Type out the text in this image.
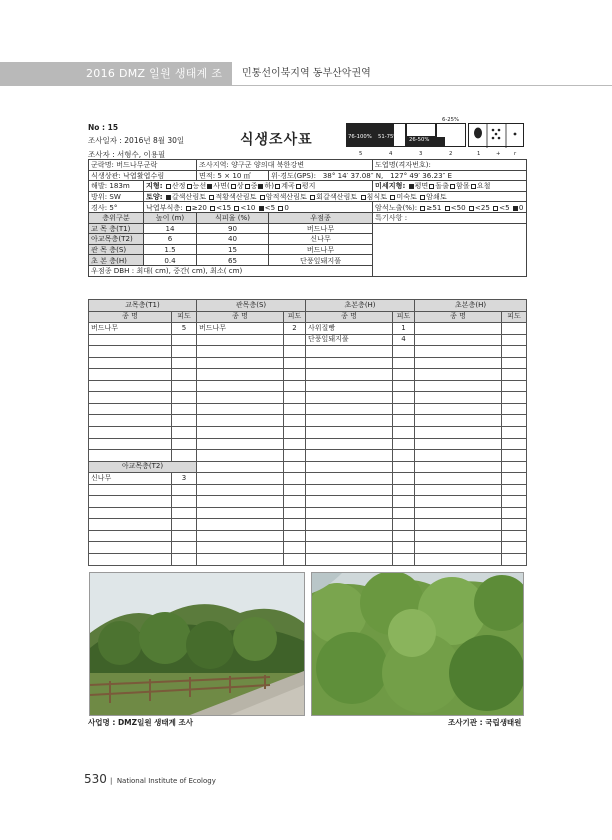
2016 DMZ 일원 생태계 조사
민통선이북지역 동부산악권역
No : 15
조사일자 : 2016년 8월 30일
조사자 : 서형수, 이용필
식생조사표	76-100% 51-75% 26-50%
6-25%
5	4	3	2	1	+	r
군락명: 버드나무군락		조사지역: 양구군 양의대 북한강변		도엽명(격자번호):
식생상관: 낙엽활엽수림		면적: 5 × 10 ㎡	위·경도(GPS): 38° 14′ 37.08″ N, 127° 49′ 36.23″ E	
해발: 183m	지형: 산정 능선 사면( 상 중 하) 계곡 평지			미세지형: 평면 돌출 함몰 요철
방위: SW	토양: 갈색산림토 적황색산림토 암적색산림토 회갈색산림토 침식토 미숙토 암쇄토			
경사: 5°	낙엽부식층: ≥20 <15 <10 <5 0			암석노출(%): ≥51 <50 <25 <5 0
층위구분	높이 (m)	식피율 (%)	우점종	특기사항 :
교 목 층(T1)	14	90	버드나무	
아교목층(T2)	6	40	신나무	
관 목 층(S)	1.5	15	버드나무	
초 본 층(H)	0.4	65	단풍잎돼지풀	
우점종 DBH : 최대( cm), 중간( cm), 최소( cm)				
교목층(T1)		관목층(S)		초본층(H)		초본층(H)	
종 명	피도	종 명	피도	종 명	피도	종 명	피도
버드나무	5	버드나무	2	사위질빵	1		
				단풍잎돼지풀	4		

아교목층(T2)							
신나무	3						

사업명 : DMZ일원 생태계 조사	조사기관 : 국립생태원
530 |  National Institute of Ecology
